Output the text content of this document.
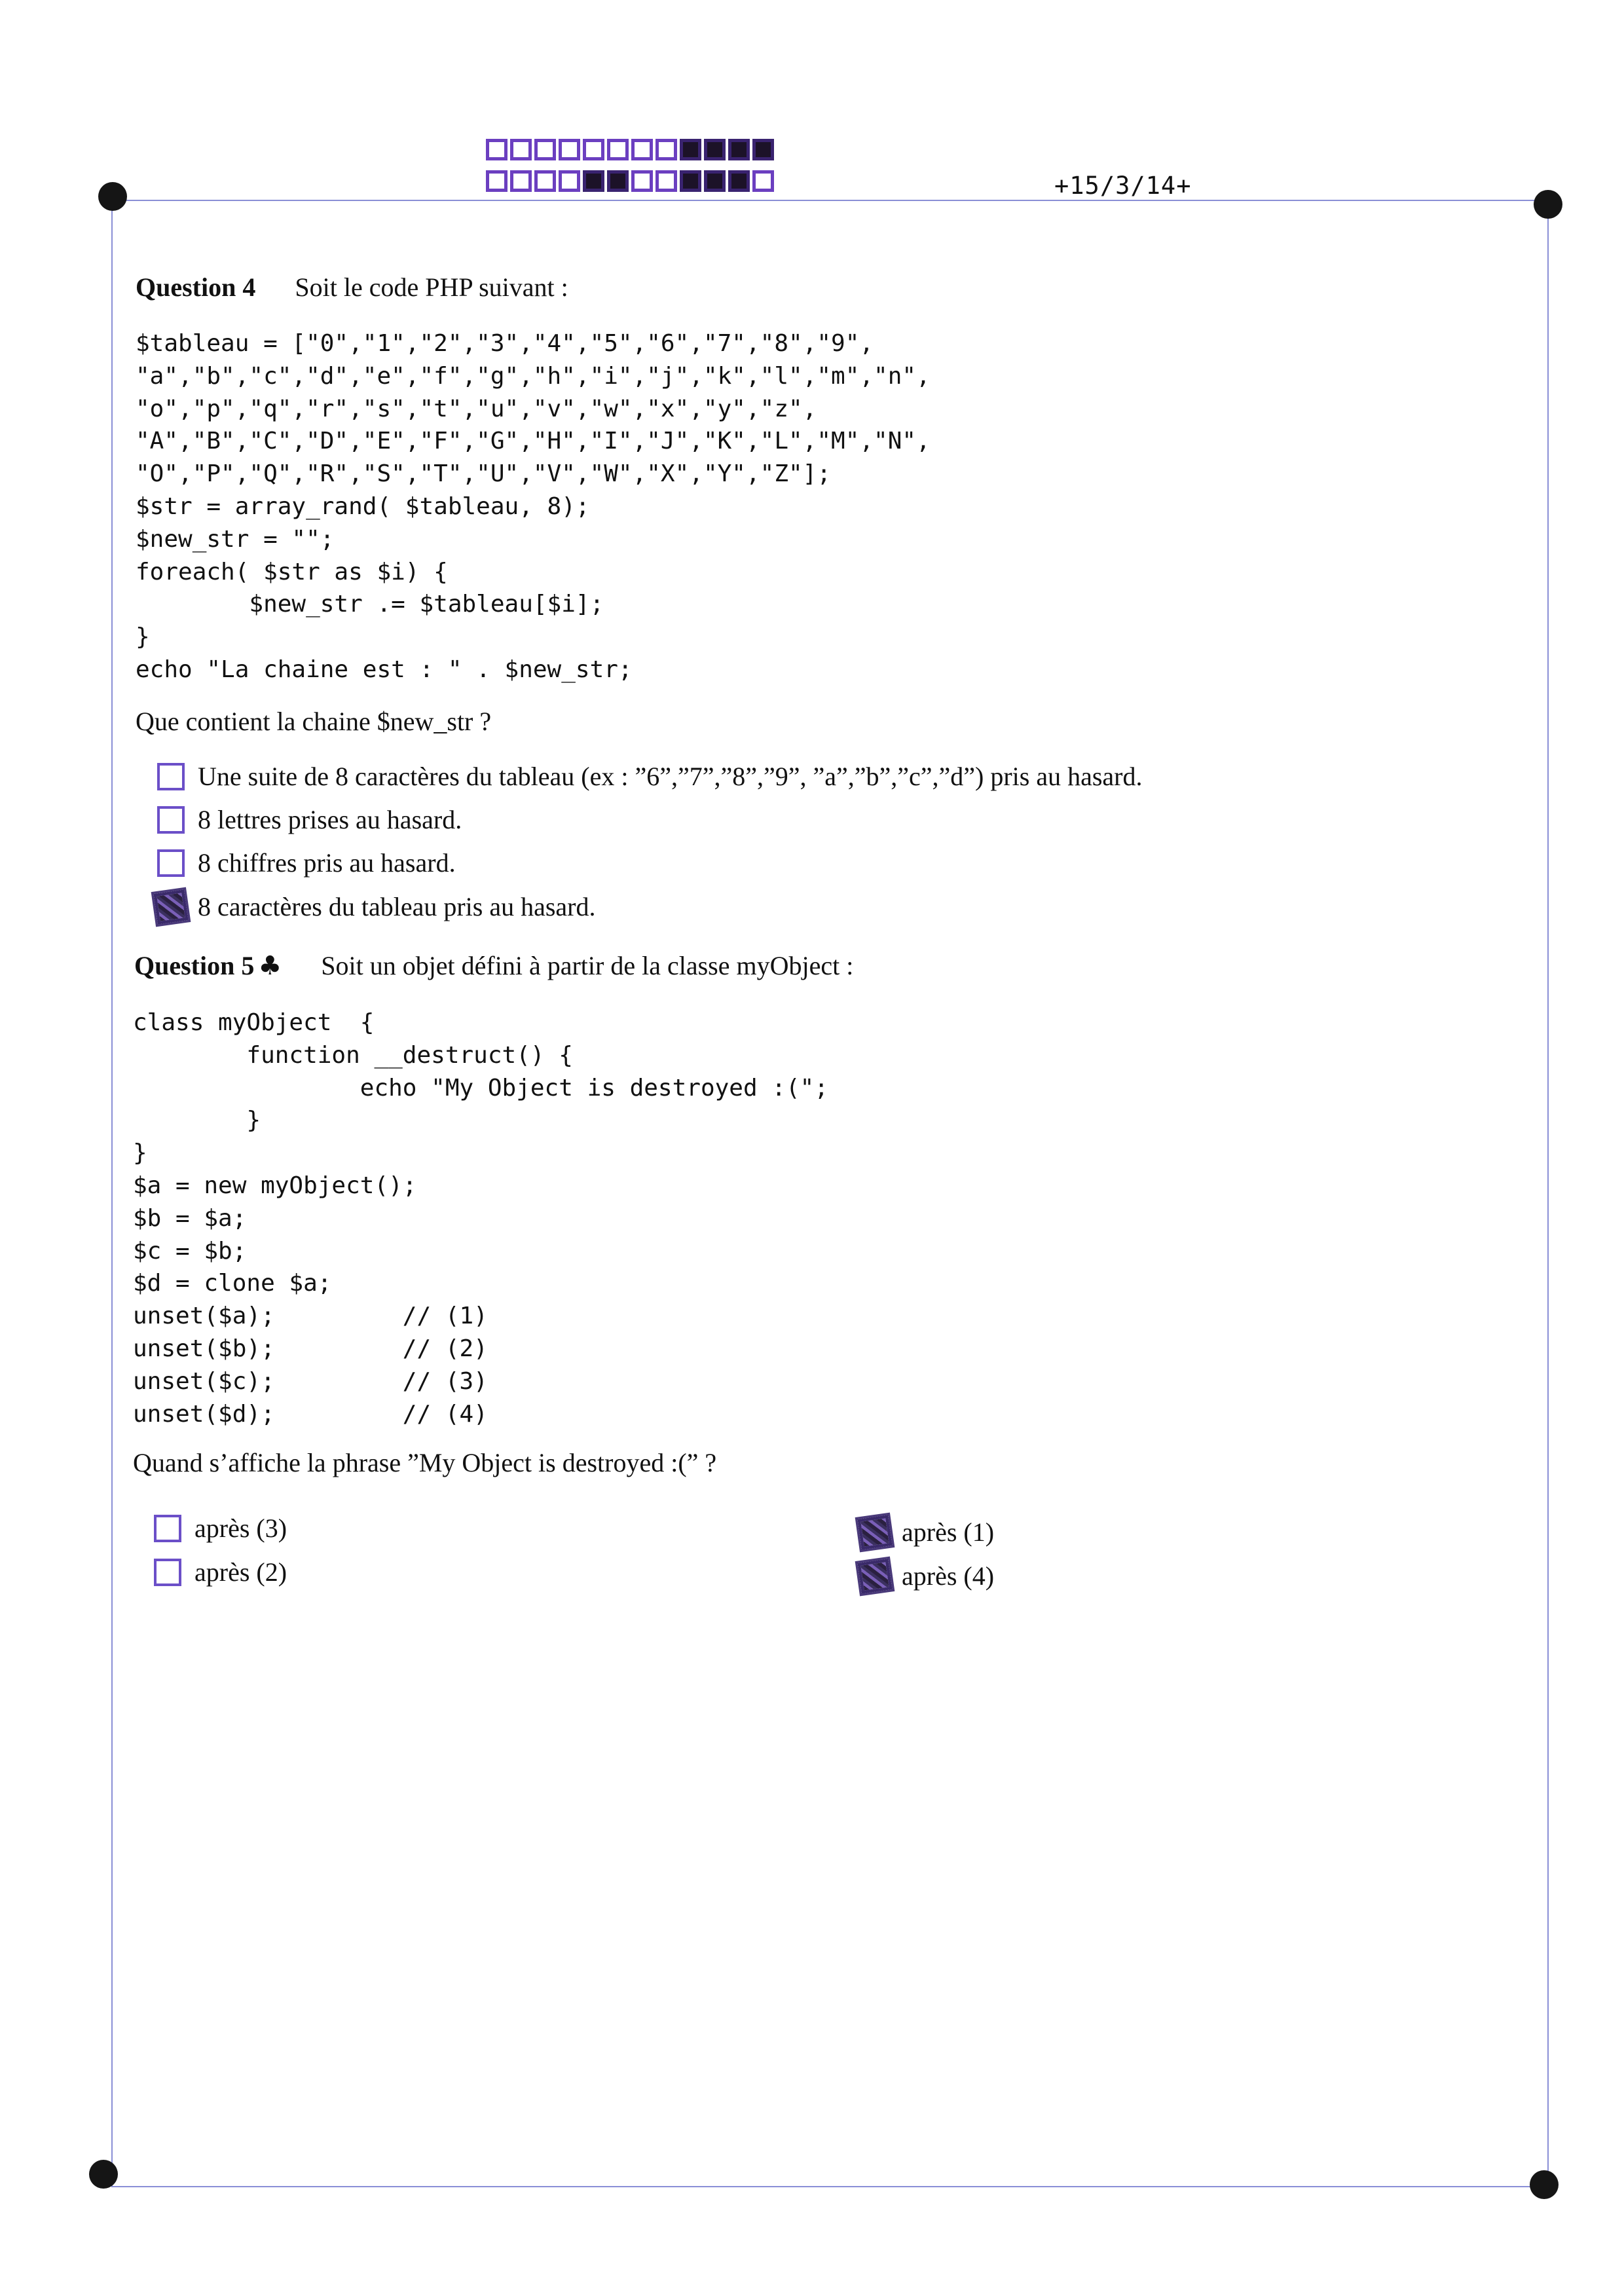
+15/3/14+
Question 4 Soit le code PHP suivant :
$tableau = ["0","1","2","3","4","5","6","7","8","9",
"a","b","c","d","e","f","g","h","i","j","k","l","m","n",
"o","p","q","r","s","t","u","v","w","x","y","z",
"A","B","C","D","E","F","G","H","I","J","K","L","M","N",
"O","P","Q","R","S","T","U","V","W","X","Y","Z"];
$str = array_rand( $tableau, 8);
$new_str = "";
foreach( $str as $i) {
$new_str .= $tableau[$i];
}
echo "La chaine est : " . $new_str;
Que contient la chaine $new_str ?
Une suite de 8 caractères du tableau (ex : ”6”,”7”,”8”,”9”, ”a”,”b”,”c”,”d”) pris au hasard.
8 lettres prises au hasard.
8 chiffres pris au hasard.
8 caractères du tableau pris au hasard.
Question 5 ♣ Soit un objet défini à partir de la classe myObject :
class myObject  {
function __destruct() {
echo "My Object is destroyed :(";
}
}
$a = new myObject();
$b = $a;
$c = $b;
$d = clone $a;
unset($a);         // (1)
unset($b);         // (2)
unset($c);         // (3)
unset($d);         // (4)
Quand s’affiche la phrase ”My Object is destroyed :(” ?
après (3)
après (2)
après (1)
après (4)
